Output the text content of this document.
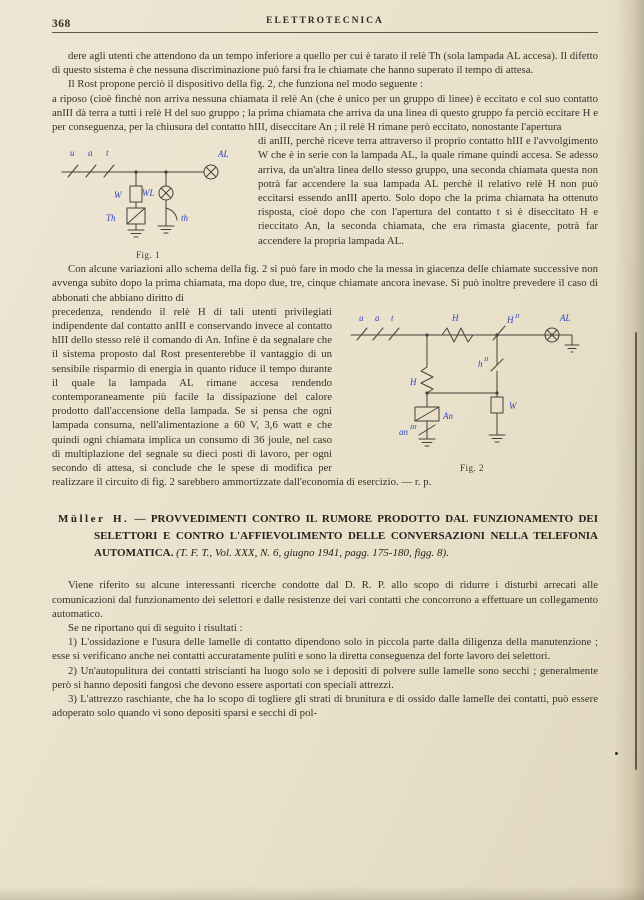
368	ELETTROTECNICA

dere agli utenti che attendono da un tempo inferiore a quello per cui è tarato il relè Th (sola lampada AL accesa). Il difetto di questo sistema è che nessuna discriminazione può farsi fra le chiamate che hanno superato il tempo di attesa.

Il Rost propone perciò il dispositivo della fig. 2, che funziona nel modo seguente :

a riposo (cioè finchè non arriva nessuna chiamata il relè An (che è unico per un gruppo di linee) è eccitato e col suo contatto anIII dà terra a tutti i relè H del suo gruppo ; la prima chiamata che arriva da una linea di questo gruppo fa perciò eccitare H e per conseguenza, per la chiusura del contatto hIII, diseccitare An ; il relè H rimane però eccitato, nonostante l'apertura

u a t	AL
W
Th
WL
th
Fig. 1

di anIII, perchè riceve terra attraverso il proprio contatto hIII e l'avvolgimento W che è in serie con la lampada AL, la quale rimane quindi accesa. Se adesso arriva, da un'altra linea dello stesso gruppo, una seconda chiamata questa non potrà far accendere la sua lampada AL perchè il relativo relè H non può eccitarsi essendo anIII aperto. Solo dopo che la prima chiamata ha ottenuto risposta, cioè dopo che con l'apertura del contatto t si è diseccitato H e rieccitato An, la seconda chiamata, che era rimasta giacente, potrà far accendere la propria lampada AL.

Con alcune variazioni allo schema della fig. 2 si può fare in modo che la messa in giacenza delle chiamate successive non avvenga subito dopo la prima chiamata, ma dopo due, tre, cinque chiamate ancora inevase. Si può inoltre prevedere il caso di abbonati che abbiano diritto di

u a t	H	H II	AL
H
An
an III
h II
W
Fig. 2

precedenza, rendendo il relè H di tali utenti privilegiati indipendente dal contatto anIII e conservando invece al contatto hIII dello stesso relè il comando di An. Infine è da segnalare che il sistema proposto dal Rost presenterebbe il vantaggio di un sensibile risparmio di energia in quanto riduce il tempo durante il quale la lampada AL rimane accesa rendendo contemporaneamente più facile la dissipazione del calore prodotto dall'accensione della lampada. Se si pensa che ogni lampada consuma, nell'alimentazione a 60 V, 3,6 watt e che quindi ogni chiamata implica un consumo di 36 joule, nel caso di multiplazione del segnale su dieci posti di lavoro, per ogni secondo di attesa, si conclude che le spese di modifica per realizzare il circuito di fig. 2 sarebbero ammortizzate dall'economia di esercizio. — r. p.

Müller H. — PROVVEDIMENTI CONTRO IL RUMORE PRODOTTO DAL FUNZIONAMENTO DEI SELETTORI E CONTRO L'AFFIEVOLIMENTO DELLE CONVERSAZIONI NELLA TELEFONIA AUTOMATICA. (T. F. T., Vol. XXX, N. 6, giugno 1941, pagg. 175-180, figg. 8).

Viene riferito su alcune interessanti ricerche condotte dal D. R. P. allo scopo di ridurre i disturbi arrecati alle comunicazioni dal funzionamento dei selettori e dalle resistenze dei vari contatti che concorrono a effettuare un collegamento automatico.

Se ne riportano qui di seguito i risultati :

1) L'ossidazione e l'usura delle lamelle di contatto dipendono solo in piccola parte dalla diligenza della manutenzione ; esse si verificano anche nei contatti accuratamente puliti e sono la diretta conseguenza del forte lavoro dei selettori.

2) Un'autopulitura dei contatti striscianti ha luogo solo se i depositi di polvere sulle lamelle sono secchi ; generalmente però si hanno depositi fangosi che devono essere asportati con speciali attrezzi.

3) L'attrezzo raschiante, che ha lo scopo di togliere gli strati di brunitura e di ossido dalle lamelle dei contatti, può essere adoperato solo quando vi sono depositi sparsi e secchi di pol-
